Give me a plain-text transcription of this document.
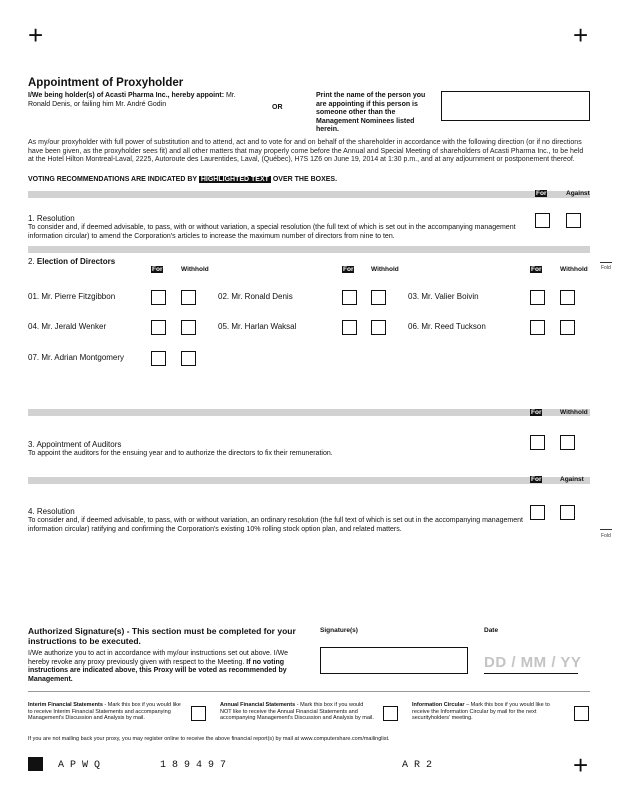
+	+
+
Appointment of Proxyholder
I/We being holder(s) of Acasti Pharma Inc., hereby appoint: Mr. Ronald Denis, or failing him Mr. André Godin	OR
Print the name of the person you are appointing if this person is someone other than the Management Nominees listed herein.
As my/our proxyholder with full power of substitution and to attend, act and to vote for and on behalf of the shareholder in accordance with the following direction (or if no directions have been given, as the proxyholder sees fit) and all other matters that may properly come before the Annual and Special Meeting of shareholders of Acasti Pharma Inc., to be held at the Hotel Hilton Montreal-Laval, 2225, Autoroute des Laurentides, Laval, (Québec), H7S 1Z6 on June 19, 2014 at 1:30 p.m., and at any adjournment or postponement thereof.
VOTING RECOMMENDATIONS ARE INDICATED BY HIGHLIGHTED TEXT OVER THE BOXES.
For	Against
1. Resolution
To consider and, if deemed advisable, to pass, with or without variation, a special resolution (the full text of which is set out in the accompanying management information circular) to amend the Corporation's articles to increase the maximum number of directors from nine to ten.
2. Election of Directors
For	Withhold	For	Withhold	For	Withhold	Fold
01. Mr. Pierre Fitzgibbon	02. Mr. Ronald Denis	03. Mr. Valier Boivin
04. Mr. Jerald Wenker	05. Mr. Harlan Waksal	06. Mr. Reed Tuckson
07. Mr. Adrian Montgomery
For	Withhold
3. Appointment of Auditors
To appoint the auditors for the ensuing year and to authorize the directors to fix their remuneration.
For	Against
4. Resolution
To consider and, if deemed advisable, to pass, with or without variation, an ordinary resolution (the full text of which is set out in the accompanying management information circular) ratifying and confirming the Corporation's existing 10% rolling stock option plan, and related matters.
Fold
Authorized Signature(s) - This section must be completed for your instructions to be executed.
I/We authorize you to act in accordance with my/our instructions set out above. I/We hereby revoke any proxy previously given with respect to the Meeting. If no voting instructions are indicated above, this Proxy will be voted as recommended by Management.
Signature(s)	Date
DD / MM / YY
Interim Financial Statements - Mark this box if you would like to receive Interim Financial Statements and accompanying Management's Discussion and Analysis by mail.
Annual Financial Statements - Mark this box if you would NOT like to receive the Annual Financial Statements and accompanying Management's Discussion and Analysis by mail.
Information Circular – Mark this box if you would like to receive the Information Circular by mail for the next securityholders' meeting.
If you are not mailing back your proxy, you may register online to receive the above financial report(s) by mail at www.computershare.com/mailinglist.
A P W Q	1 8 9 4 9 7	A R 2
